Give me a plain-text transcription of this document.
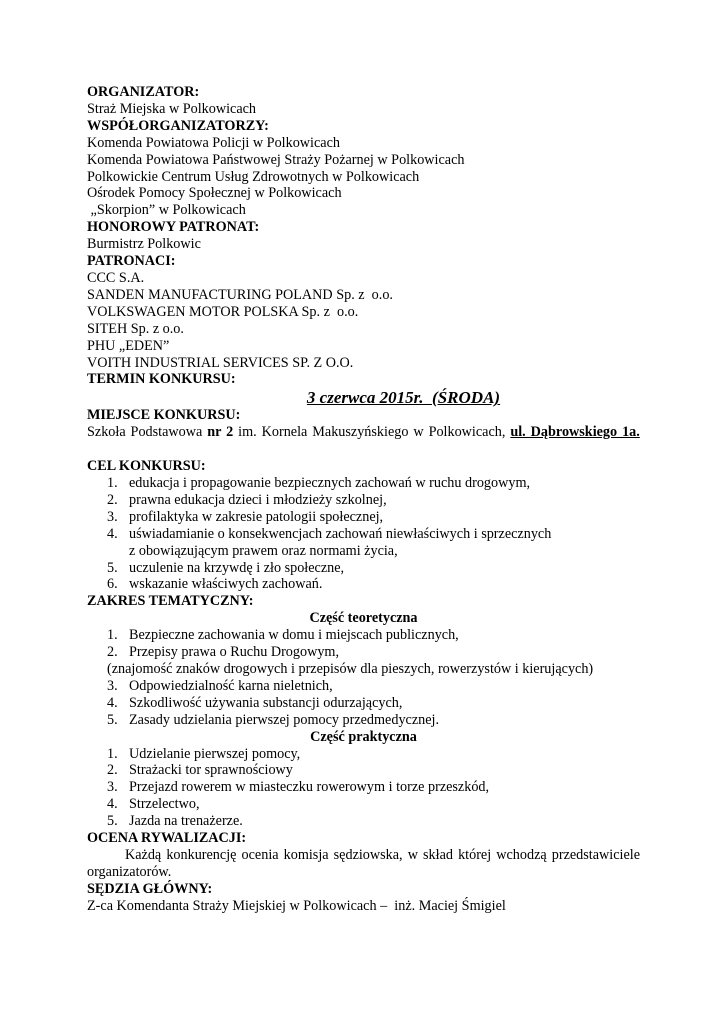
ORGANIZATOR:

Straż Miejska w Polkowicach

WSPÓŁORGANIZATORZY:

Komenda Powiatowa Policji w Polkowicach

Komenda Powiatowa Państwowej Straży Pożarnej w Polkowicach

Polkowickie Centrum Usług Zdrowotnych w Polkowicach

Ośrodek Pomocy Społecznej w Polkowicach

„Skorpion” w Polkowicach

HONOROWY PATRONAT:

Burmistrz Polkowic

PATRONACI:

CCC S.A.

SANDEN MANUFACTURING POLAND Sp. z  o.o.

VOLKSWAGEN MOTOR POLSKA Sp. z  o.o.

SITEH Sp. z o.o.

PHU „EDEN”

VOITH INDUSTRIAL SERVICES SP. Z O.O.

TERMIN KONKURSU:

3 czerwca 2015r.  (ŚRODA)

MIEJSCE KONKURSU:

Szkoła Podstawowa nr 2 im. Kornela Makuszyńskiego w Polkowicach, ul. Dąbrowskiego 1a.

CEL KONKURSU:

1. edukacja i propagowanie bezpiecznych zachowań w ruchu drogowym,
2. prawna edukacja dzieci i młodzieży szkolnej,
3. profilaktyka w zakresie patologii społecznej,
4. uświadamianie o konsekwencjach zachowań niewłaściwych i sprzecznych
z obowiązującym prawem oraz normami życia,
5. uczulenie na krzywdę i zło społeczne,
6. wskazanie właściwych zachowań.

ZAKRES TEMATYCZNY:

Część teoretyczna

1. Bezpieczne zachowania w domu i miejscach publicznych,
2. Przepisy prawa o Ruchu Drogowym,

(znajomość znaków drogowych i przepisów dla pieszych, rowerzystów i kierujących)

3. Odpowiedzialność karna nieletnich,
4. Szkodliwość używania substancji odurzających,
5. Zasady udzielania pierwszej pomocy przedmedycznej.

Część praktyczna

1. Udzielanie pierwszej pomocy,
2. Strażacki tor sprawnościowy
3. Przejazd rowerem w miasteczku rowerowym i torze przeszkód,
4. Strzelectwo,
5. Jazda na trenażerze.

OCENA RYWALIZACJI:

Każdą konkurencję ocenia komisja sędziowska, w skład której wchodzą przedstawiciele organizatorów.

SĘDZIA GŁÓWNY:

Z-ca Komendanta Straży Miejskiej w Polkowicach –  inż. Maciej Śmigiel
